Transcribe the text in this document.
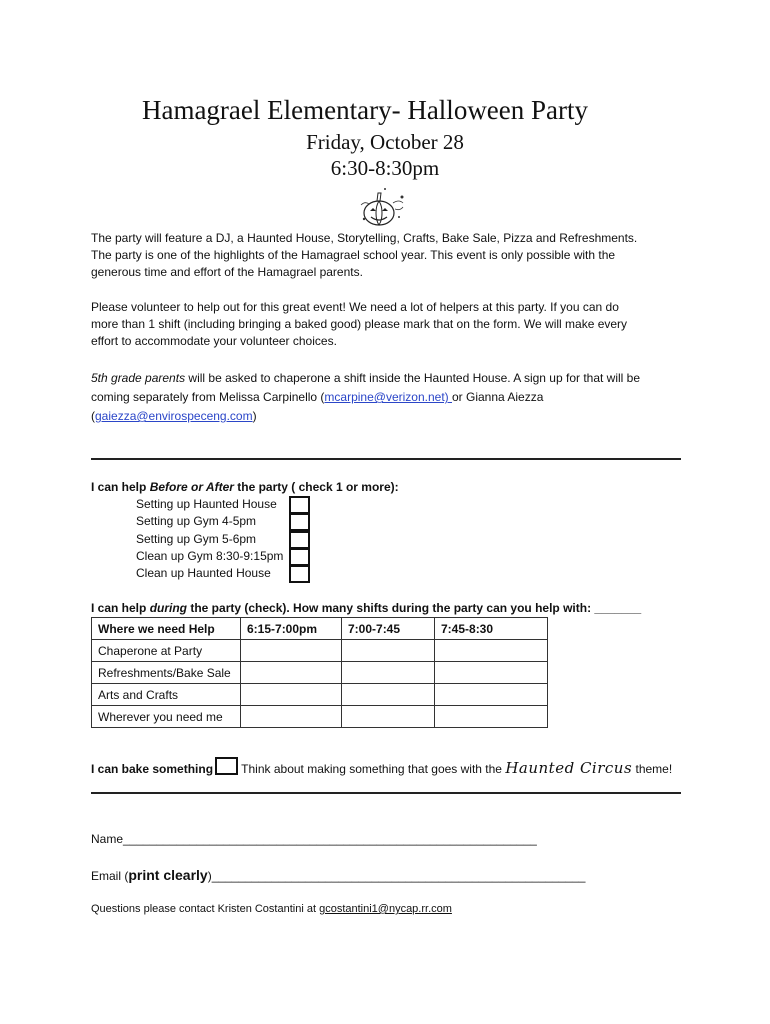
Hamagrael Elementary- Halloween Party
Friday, October 28
6:30-8:30pm
The party will feature a DJ, a Haunted House, Storytelling, Crafts, Bake Sale, Pizza and Refreshments.
The party is one of the highlights of the Hamagrael school year. This event is only possible with the
generous time and effort of the Hamagrael parents.
Please volunteer to help out for this great event! We need a lot of helpers at this party. If you can do
more than 1 shift (including bringing a baked good) please mark that on the form. We will make every
effort to accommodate your volunteer choices.
5th grade parents will be asked to chaperone a shift inside the Haunted House. A sign up for that will be
coming separately from Melissa Carpinello (mcarpine@verizon.net) or Gianna Aiezza
(gaiezza@envirospeceng.com)
I can help Before or After the party ( check 1 or more):
Setting up Haunted House
Setting up Gym 4-5pm
Setting up Gym 5-6pm
Clean up Gym 8:30-9:15pm
Clean up Haunted House
I can help during the party (check). How many shifts during the party can you help with: _______
Where we need Help	6:15-7:00pm	7:00-7:45	7:45-8:30
Chaperone at Party			
Refreshments/Bake Sale			
Arts and Crafts			
Wherever you need me			
I can bake something Think about making something that goes with the Haunted Circus theme!
Name______________________________________________________________
Email (print clearly)________________________________________________________
Questions please contact Kristen Costantini at gcostantini1@nycap.rr.com
